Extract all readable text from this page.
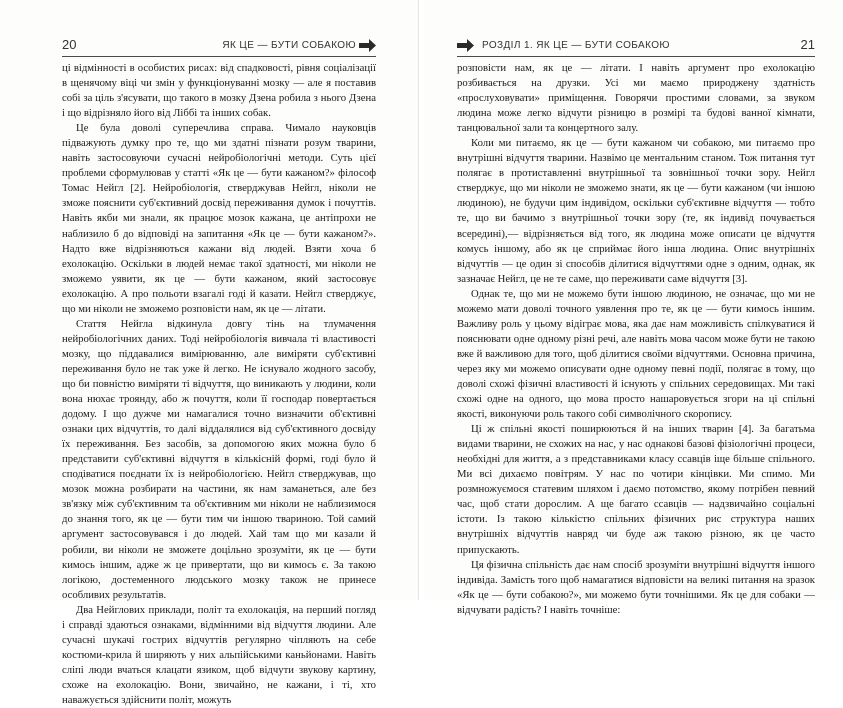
20	ЯК ЦЕ — БУТИ СОБАКОЮ

ці відмінності в особистих рисах: від спадковості, рівня соціалізації в щенячому віці чи змін у функціонуванні мозку — але я поставив собі за ціль з'ясувати, що такого в мозку Дзена робила з нього Дзена і що відрізняло його від Ліббі та інших собак.

Це була доволі суперечлива справа. Чимало науковців підважують думку про те, що ми здатні пізнати розум тварини, навіть застосовуючи сучасні нейробіологічні методи. Суть цієї проблеми сформулював у статті «Як це — бути кажаном?» філософ Томас Нейгл [2]. Нейробіологія, стверджував Нейгл, ніколи не зможе пояснити суб'єктивний досвід переживання думок і почуттів. Навіть якби ми знали, як працює мозок кажана, це антіпрохи не наблизило б до відповіді на запитання «Як це — бути кажаном?». Надто вже відрізняються кажани від людей. Взяти хоча б ехолокацію. Оскільки в людей немає такої здатності, ми ніколи не зможемо уявити, як це — бути кажаном, який застосовує ехолокацію. А про польоти взагалі годі й казати. Нейгл стверджує, що ми ніколи не зможемо розповісти нам, як це — літати.

Стаття Нейгла відкинула довгу тінь на тлумачення нейробіологічних даних. Тоді нейробіологія вивчала ті властивості мозку, що піддавалися вимірюванню, але виміряти суб'єктивні переживання було не так уже й легко. Не існувало жодного засобу, що би повністю виміряти ті відчуття, що виникають у людини, коли вона нюхає троянду, або ж почуття, коли її господар повертається додому. І що дужче ми намагалися точно визначити об'єктивні ознаки цих відчуттів, то далі віддалялися від суб'єктивного досвіду їх переживання. Без засобів, за допомогою яких можна було б представити суб'єктивні відчуття в кількісній формі, годі було й сподіватися поєднати їх із нейробіологією. Нейгл стверджував, що мозок можна розбирати на частини, як нам заманеться, але без зв'язку між суб'єктивним та об'єктивним ми ніколи не наблизимося до знання того, як це — бути тим чи іншою твариною. Той самий аргумент застосовувався і до людей. Хай там що ми казали й робили, ви ніколи не зможете доцільно зрозуміти, як це — бути кимось іншим, адже ж це привертати, що ви кимось є. За такою логікою, достеменного людського мозку також не принесе особливих результатів.

Два Нейглових приклади, політ та ехолокація, на перший погляд і справді здаються ознаками, відмінними від відчуття людини. Але сучасні шукачі гострих відчуттів регулярно чіпляють на себе костюми-крила й ширяють у них альпійськими каньйонами. Навіть сліпі люди вчаться клацати язиком, щоб відчути звукову картину, схоже на ехолокацію. Вони, звичайно, не кажани, і ті, хто наважується здійснити політ, можуть

РОЗДІЛ 1. ЯК ЦЕ — БУТИ СОБАКОЮ	21

розповісти нам, як це — літати. І навіть аргумент про ехолокацію розбивається на друзки. Усі ми маємо природжену здатність «прослуховувати» приміщення. Говорячи простими словами, за звуком людина може легко відчути різницю в розмірі та будові ванної кімнати, танцювальної зали та концертного залу.

Коли ми питаємо, як це — бути кажаном чи собакою, ми питаємо про внутрішні відчуття тварини. Назвімо це ментальним станом. Тож питання тут полягає в протиставленні внутрішньої та зовнішньої точки зору. Нейгл стверджує, що ми ніколи не зможемо знати, як це — бути кажаном (чи іншою людиною), не будучи цим індивідом, оскільки суб'єктивне відчуття — тобто те, що ви бачимо з внутрішньої точки зору (те, як індивід почувається всередині),— відрізняється від того, як людина може описати це відчуття комусь іншому, або як це сприймає його інша людина. Опис внутрішніх відчуттів — це один зі способів ділитися відчуттями одне з одним, однак, як зазначає Нейгл, це не те саме, що переживати саме відчуття [3].

Однак те, що ми не можемо бути іншою людиною, не означає, що ми не можемо мати доволі точного уявлення про те, як це — бути кимось іншим. Важливу роль у цьому відіграє мова, яка дає нам можливість спілкуватися й пояснювати одне одному різні речі, але навіть мова часом може бути не такою вже й важливою для того, щоб ділитися своїми відчуттями. Основна причина, через яку ми можемо описувати одне одному певні події, полягає в тому, що доволі схожі фізичні властивості й існують у спільних середовищах. Ми такі схожі одне на одного, що мова просто нашаровується згори на ці спільні якості, виконуючи роль такого собі символічного скоропису.

Ці ж спільні якості поширюються й на інших тварин [4]. За багатьма видами тварини, не схожих на нас, у нас однакові базові фізіологічні процеси, необхідні для життя, а з представниками класу ссавців іще більше спільного. Ми всі дихаємо повітрям. У нас по чотири кінцівки. Ми спимо. Ми розмножуємося статевим шляхом і даємо потомство, якому потрібен певний час, щоб стати дорослим. А ще багато ссавців — надзвичайно соціальні істоти. Із такою кількістю спільних фізичних рис структура наших внутрішніх відчуттів навряд чи буде аж такою різною, як це часто припускають.

Ця фізична спільність дає нам спосіб зрозуміти внутрішні відчуття іншого індивіда. Замість того щоб намагатися відповісти на великі питання на зразок «Як це — бути собакою?», ми можемо бути точнішими. Як це для собаки — відчувати радість? І навіть точніше:
